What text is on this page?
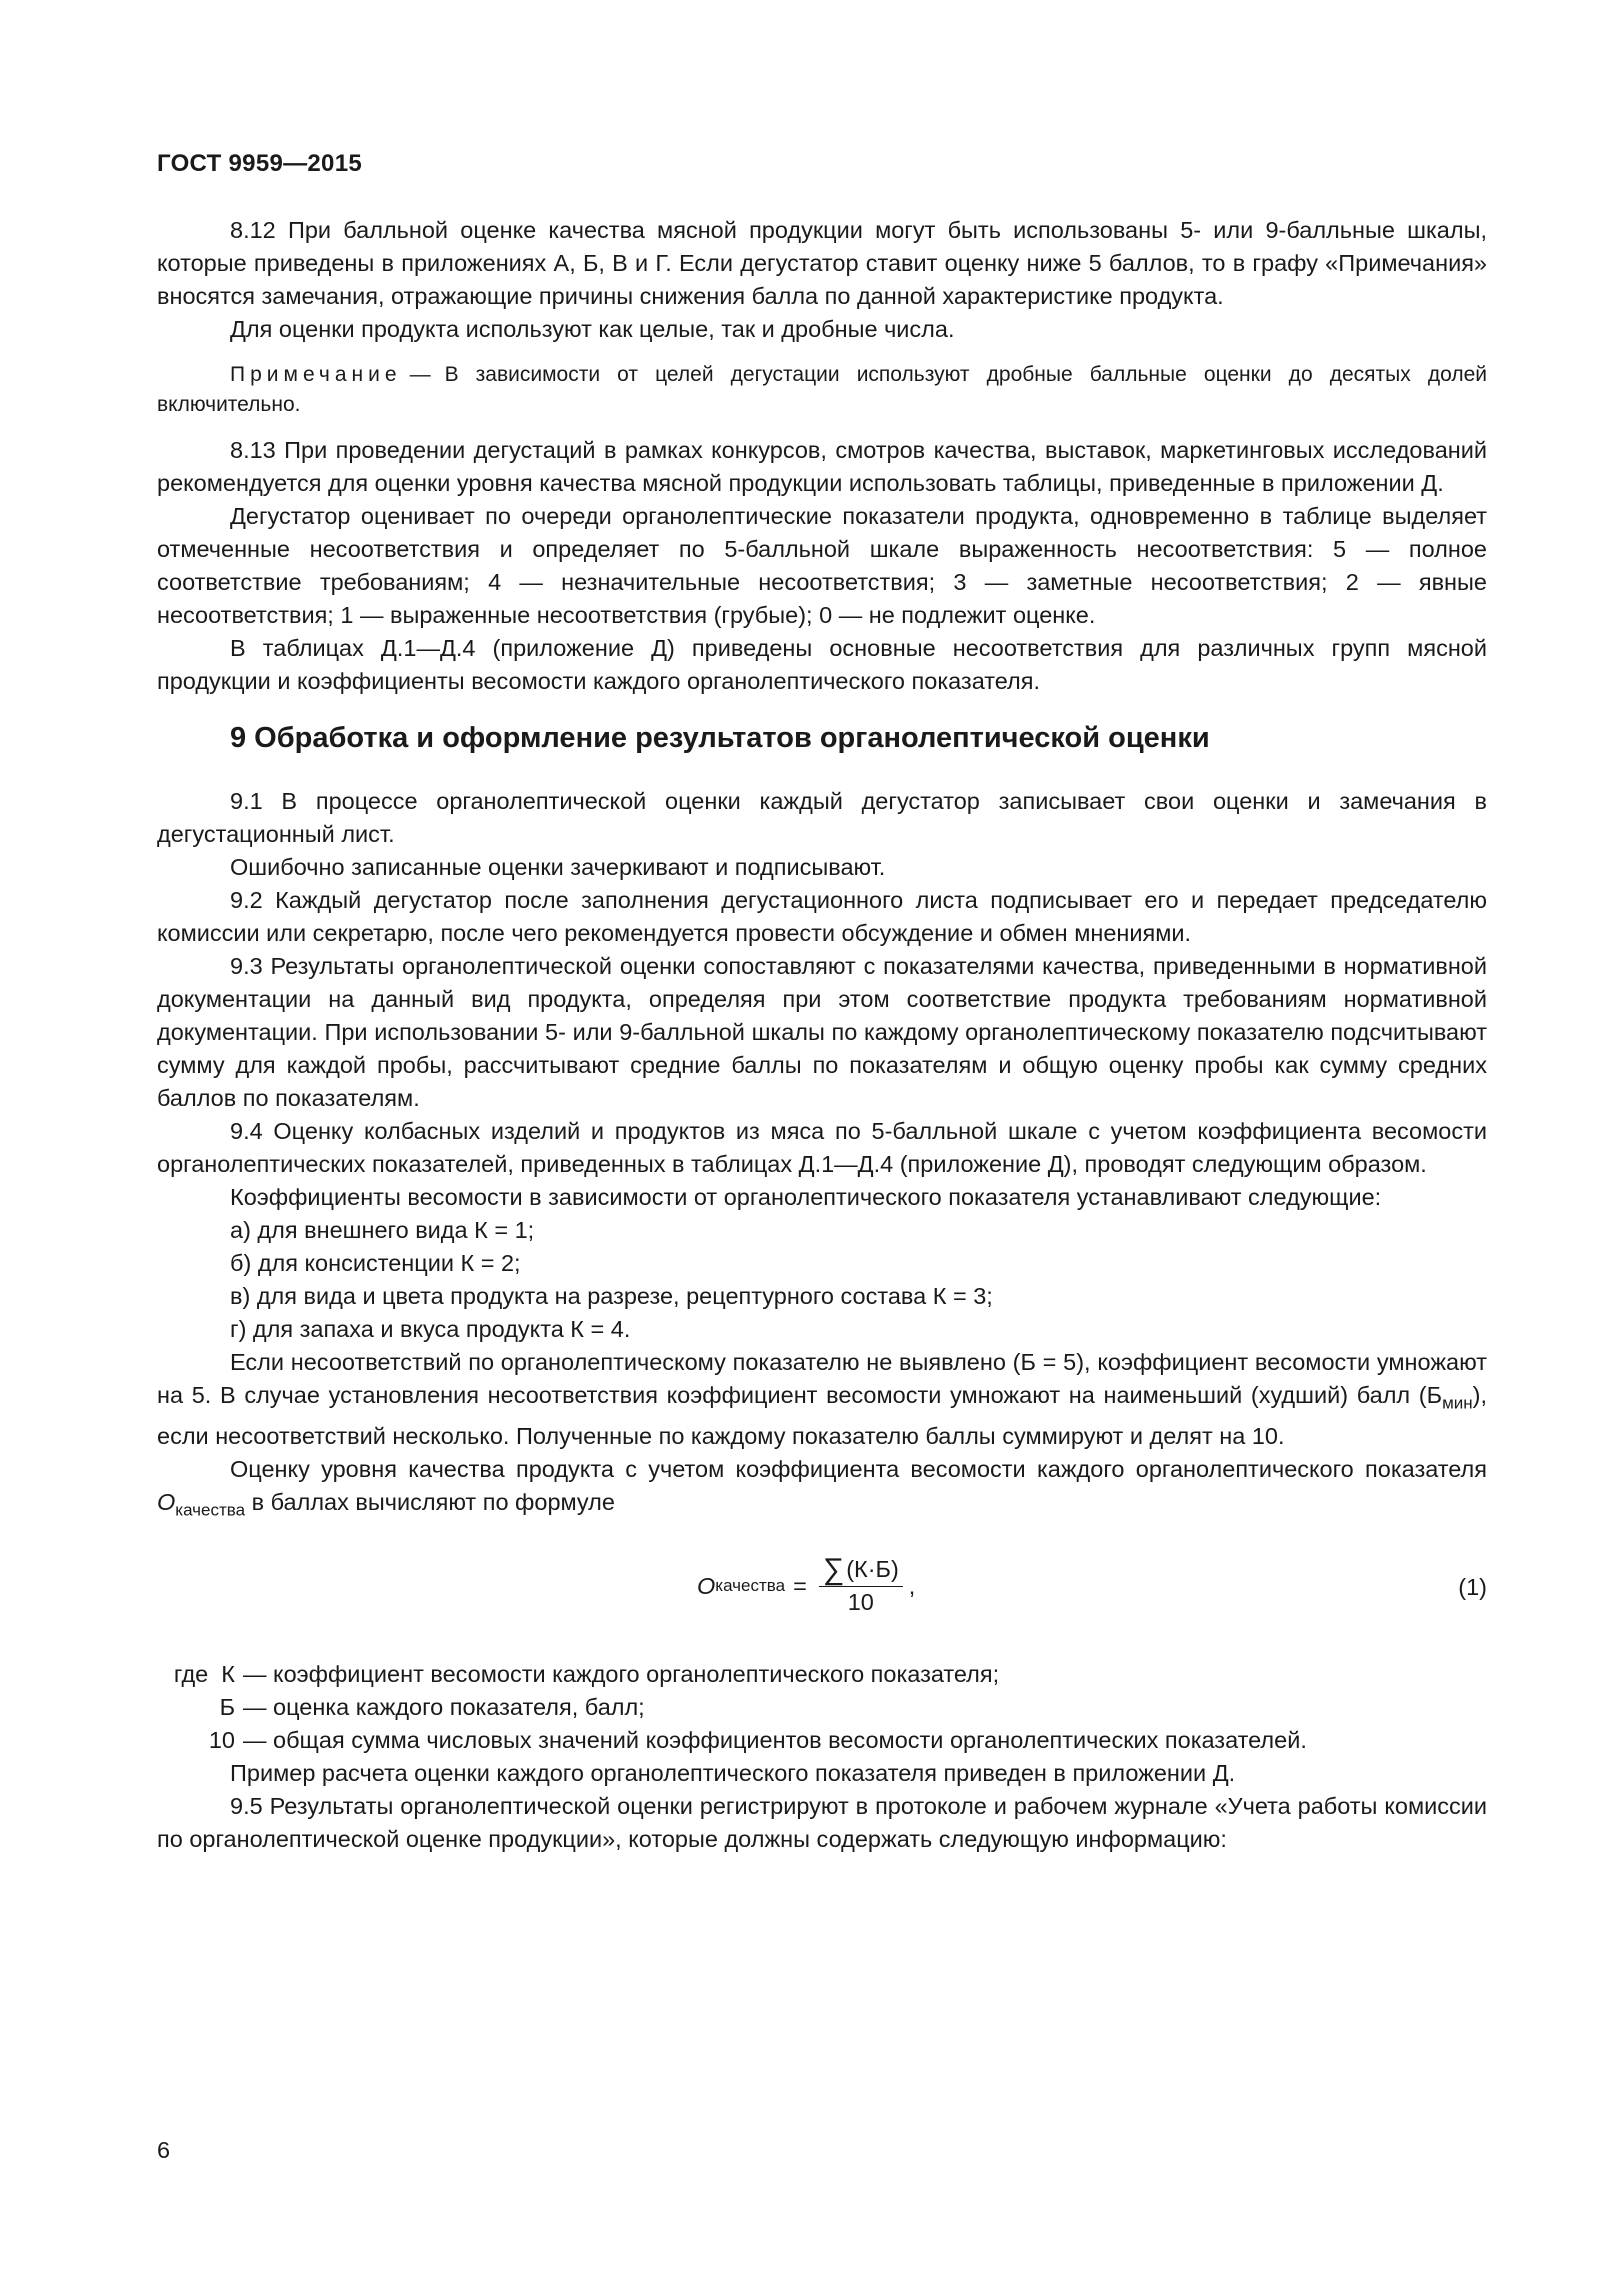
ГОСТ 9959—2015

8.12 При балльной оценке качества мясной продукции могут быть использованы 5- или 9-балльные шкалы, которые приведены в приложениях А, Б, В и Г. Если дегустатор ставит оценку ниже 5 баллов, то в графу «Примечания» вносятся замечания, отражающие причины снижения балла по данной характеристике продукта.

Для оценки продукта используют как целые, так и дробные числа.

Примечание — В зависимости от целей дегустации используют дробные балльные оценки до десятых долей включительно.

8.13 При проведении дегустаций в рамках конкурсов, смотров качества, выставок, маркетинговых исследований рекомендуется для оценки уровня качества мясной продукции использовать таблицы, приведенные в приложении Д.

Дегустатор оценивает по очереди органолептические показатели продукта, одновременно в таблице выделяет отмеченные несоответствия и определяет по 5-балльной шкале выраженность несоответствия: 5 — полное соответствие требованиям; 4 — незначительные несоответствия; 3 — заметные несоответствия; 2 — явные несоответствия; 1 — выраженные несоответствия (грубые); 0 — не подлежит оценке.

В таблицах Д.1—Д.4 (приложение Д) приведены основные несоответствия для различных групп мясной продукции и коэффициенты весомости каждого органолептического показателя.

9 Обработка и оформление результатов органолептической оценки

9.1 В процессе органолептической оценки каждый дегустатор записывает свои оценки и замечания в дегустационный лист.

Ошибочно записанные оценки зачеркивают и подписывают.

9.2 Каждый дегустатор после заполнения дегустационного листа подписывает его и передает председателю комиссии или секретарю, после чего рекомендуется провести обсуждение и обмен мнениями.

9.3 Результаты органолептической оценки сопоставляют с показателями качества, приведенными в нормативной документации на данный вид продукта, определяя при этом соответствие продукта требованиям нормативной документации. При использовании 5- или 9-балльной шкалы по каждому органолептическому показателю подсчитывают сумму для каждой пробы, рассчитывают средние баллы по показателям и общую оценку пробы как сумму средних баллов по показателям.

9.4 Оценку колбасных изделий и продуктов из мяса по 5-балльной шкале с учетом коэффициента весомости органолептических показателей, приведенных в таблицах Д.1—Д.4 (приложение Д), проводят следующим образом.

Коэффициенты весомости в зависимости от органолептического показателя устанавливают следующие:

а) для внешнего вида К = 1;

б) для консистенции К = 2;

в) для вида и цвета продукта на разрезе, рецептурного состава К = 3;

г) для запаха и вкуса продукта К = 4.

Если несоответствий по органолептическому показателю не выявлено (Б = 5), коэффициент весомости умножают на 5. В случае установления несоответствия коэффициент весомости умножают на наименьший (худший) балл $(Б_{мин})$, если несоответствий несколько. Полученные по каждому показателю баллы суммируют и делят на 10.

Оценку уровня качества продукта с учетом коэффициента весомости каждого органолептического показателя $О_{качества}$ в баллах вычисляют по формуле

О качества = $\frac{\sum (К\cdot Б)}{10}$ ,	(1)
где К — коэффициент весомости каждого органолептического показателя;
Б — оценка каждого показателя, балл;
10 — общая сумма числовых значений коэффициентов весомости органолептических показателей.

Пример расчета оценки каждого органолептического показателя приведен в приложении Д.

9.5 Результаты органолептической оценки регистрируют в протоколе и рабочем журнале «Учета работы комиссии по органолептической оценке продукции», которые должны содержать следующую информацию:

6
